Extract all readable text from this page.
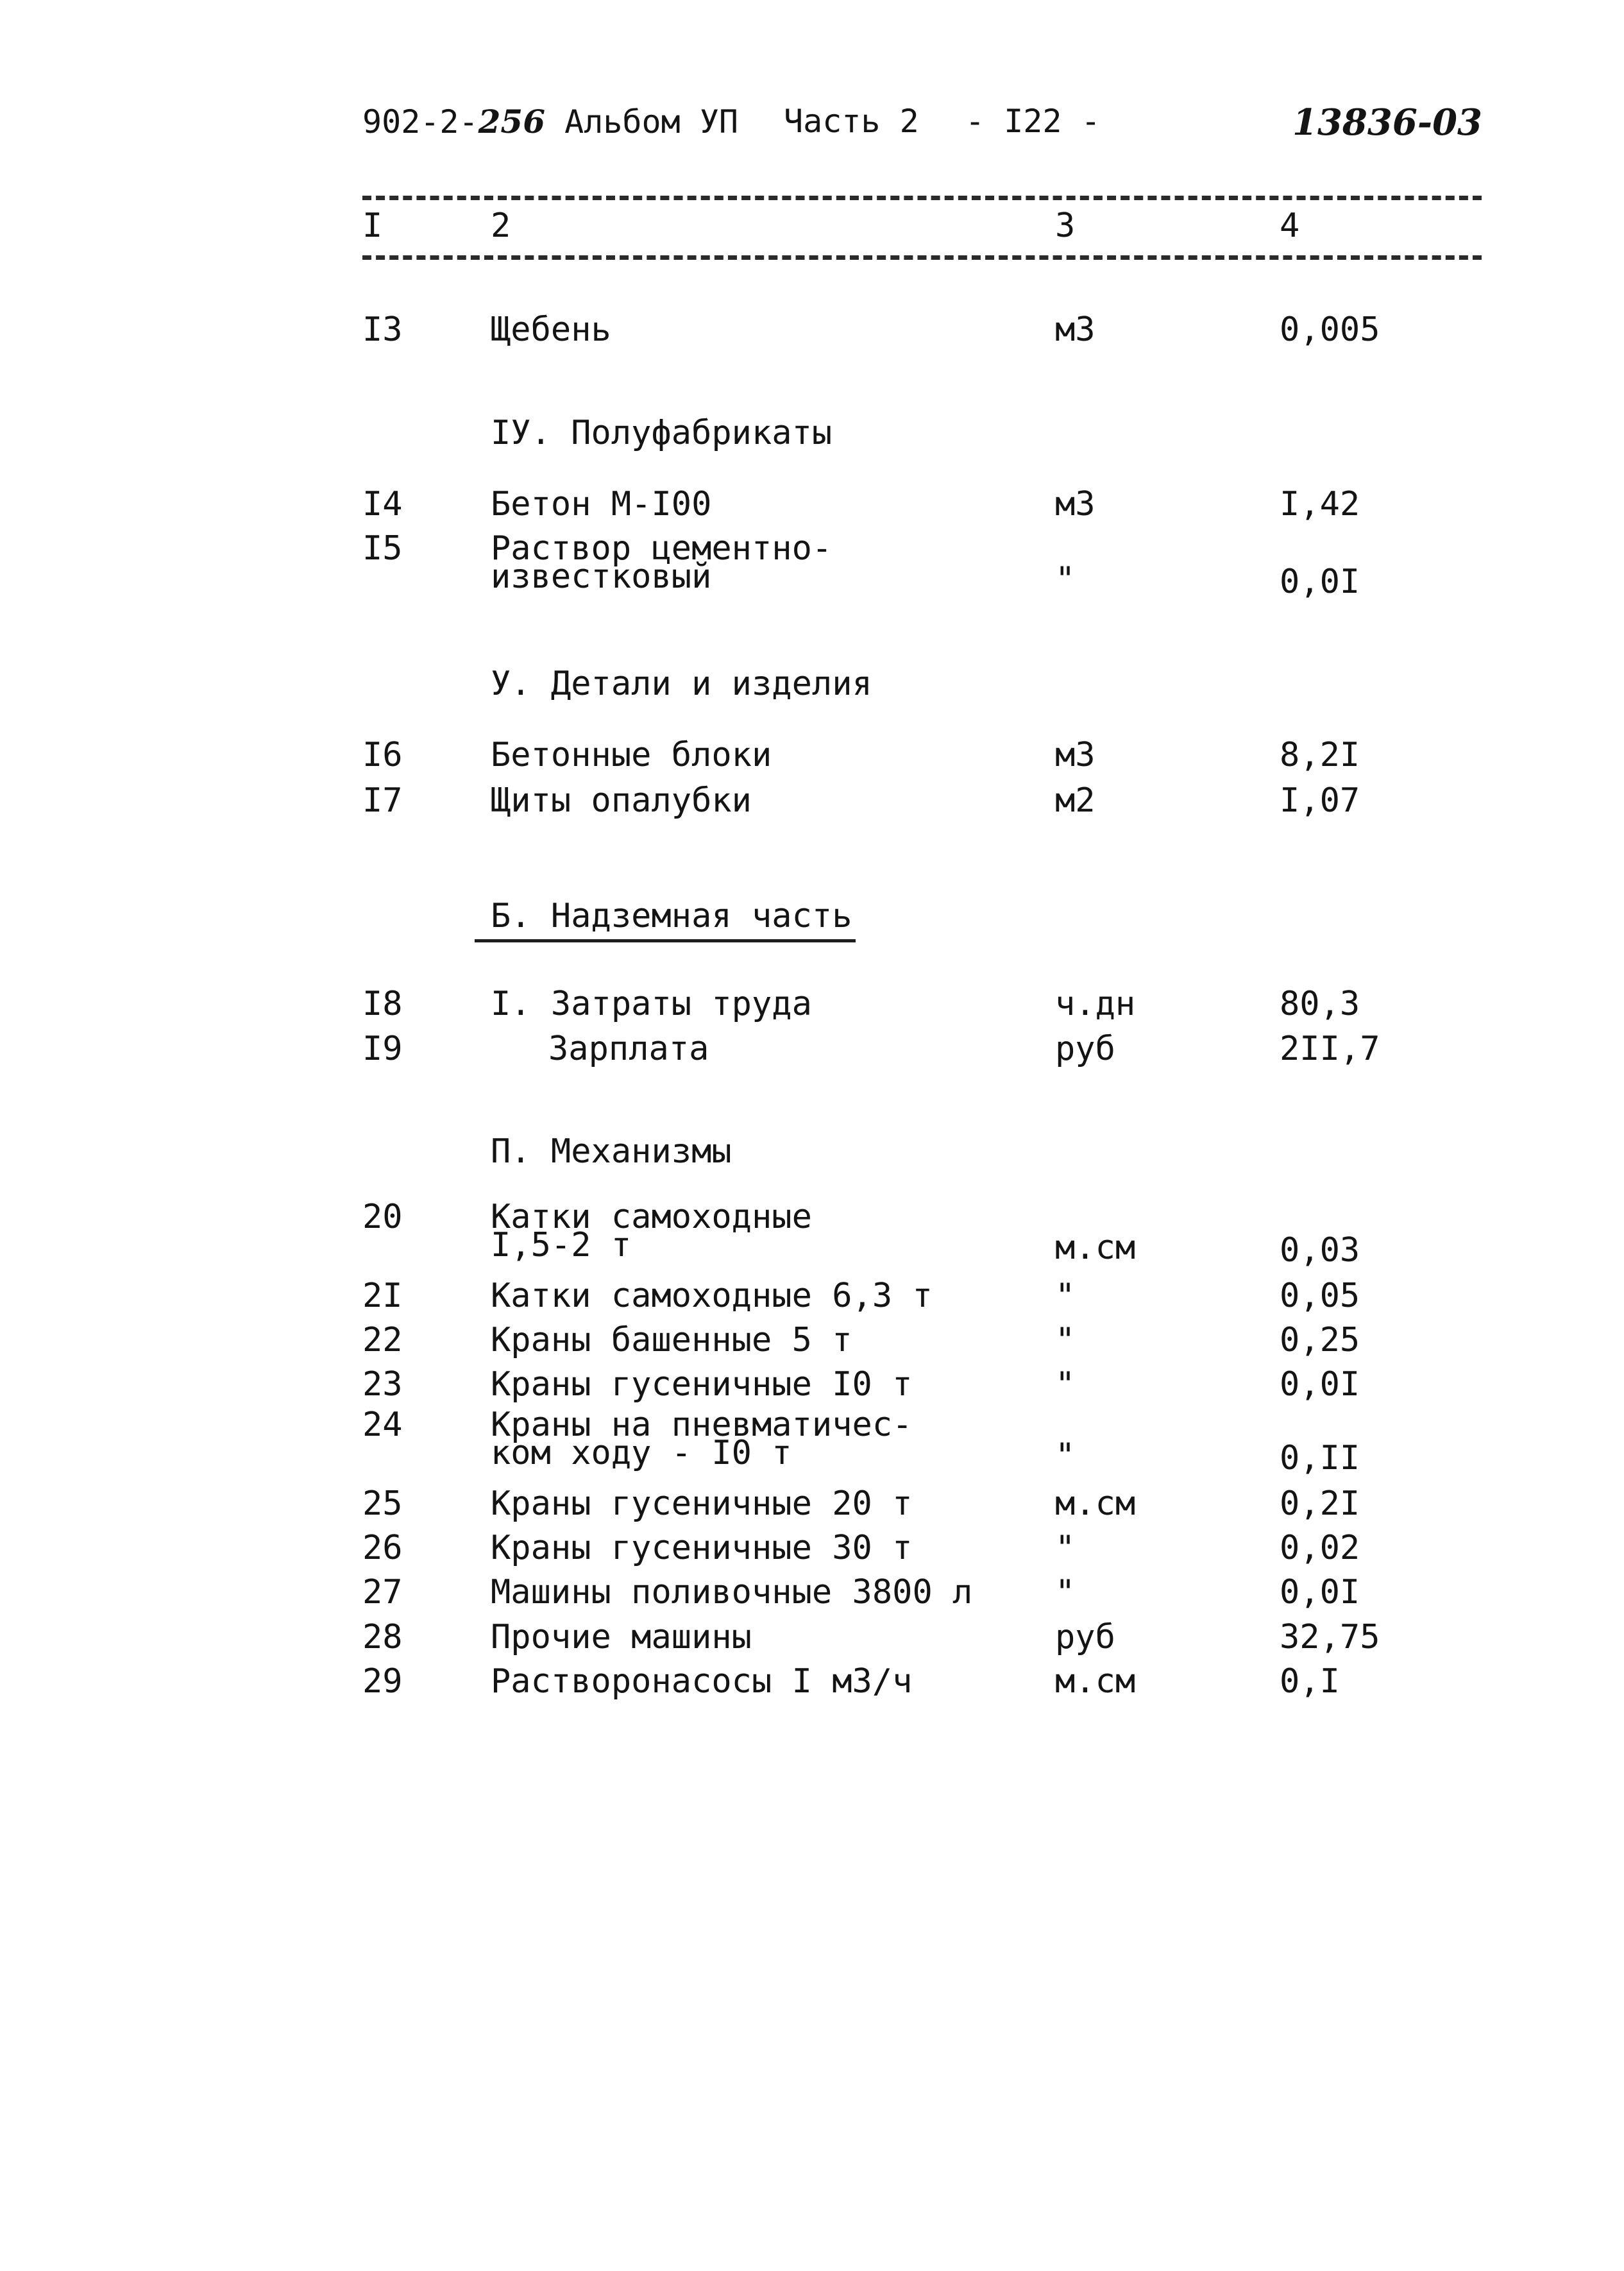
902-2-256 Альбом УП Часть 2 - I22 -	13836-03
I	2	3	4
I3	Щебень	м3	0,005
IУ. Полуфабрикаты
I4	Бетон М-I00	м3	I,42
I5	Раствор цементно-
известковый	"	0,0I
У. Детали и изделия
I6	Бетонные блоки	м3	8,2I
I7	Щиты опалубки	м2	I,07
Б. Надземная часть
I8	I. Затраты труда	ч.дн	80,3
I9	Зарплата	руб	2II,7
П. Механизмы
20	Катки самоходные
I,5-2 т	м.см	0,03
2I	Катки самоходные 6,3 т	"	0,05
22	Краны башенные 5 т	"	0,25
23	Краны гусеничные I0 т	"	0,0I
24	Краны на пневматичес-
ком ходу - I0 т	"	0,II
25	Краны гусеничные 20 т	м.см	0,2I
26	Краны гусеничные 30 т	"	0,02
27	Машины поливочные 3800 л "	0,0I
28	Прочие машины	руб	32,75
29	Растворонасосы I м3/ч	м.см	0,I
